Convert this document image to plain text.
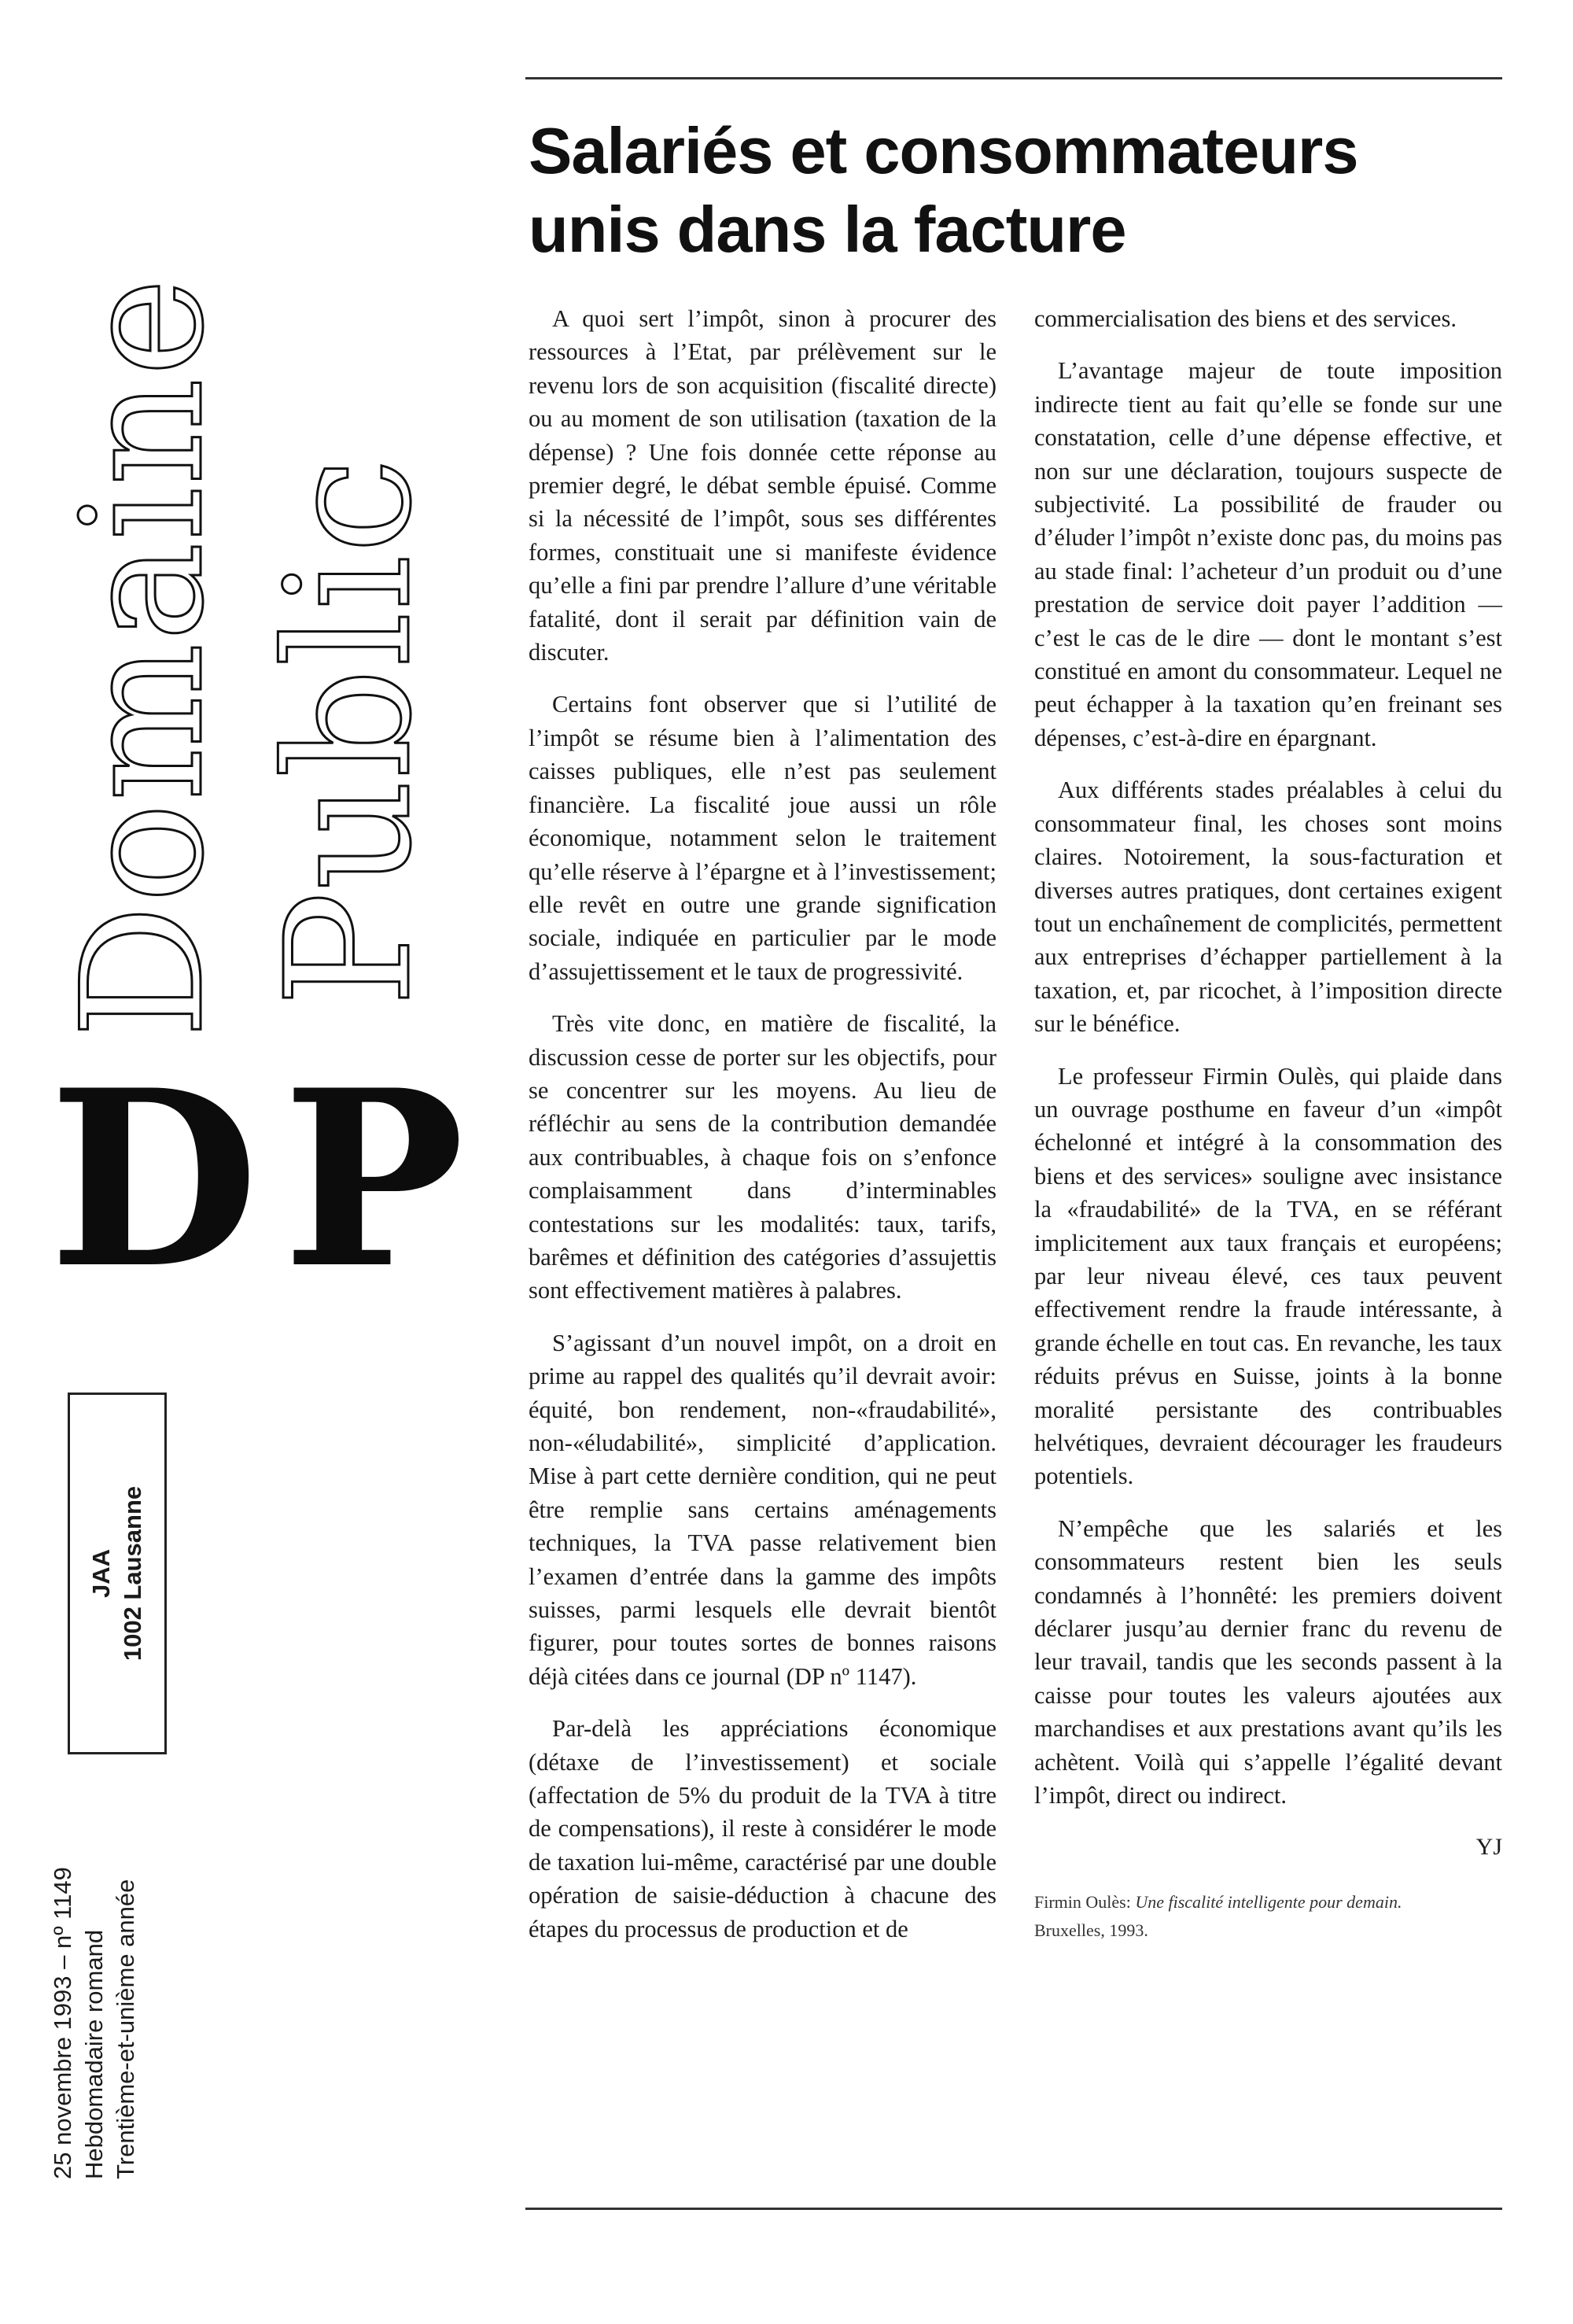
Domaine Public
DP
JAA 1002 Lausanne
25 novembre 1993 – nº 1149 Hebdomadaire romand Trentième-et-unième année
Salariés et consommateurs
unis dans la facture

A quoi sert l’impôt, sinon à procurer des ressources à l’Etat, par prélèvement sur le revenu lors de son acquisition (fiscalité directe) ou au moment de son utilisation (taxation de la dépense) ? Une fois donnée cette réponse au premier degré, le débat semble épuisé. Comme si la nécessité de l’impôt, sous ses différentes formes, constituait une si manifeste évidence qu’elle a fini par prendre l’allure d’une véritable fatalité, dont il serait par définition vain de discuter.

Certains font observer que si l’utilité de l’impôt se résume bien à l’alimentation des caisses publiques, elle n’est pas seulement financière. La fiscalité joue aussi un rôle économique, notamment selon le traitement qu’elle réserve à l’épargne et à l’investissement; elle revêt en outre une grande signification sociale, indiquée en particulier par le mode d’assujettissement et le taux de progressivité.

Très vite donc, en matière de fiscalité, la discussion cesse de porter sur les objectifs, pour se concentrer sur les moyens. Au lieu de réfléchir au sens de la contribution demandée aux contribuables, à chaque fois on s’enfonce complaisamment dans d’interminables contestations sur les modalités: taux, tarifs, barêmes et définition des catégories d’assujettis sont effectivement matières à palabres.

S’agissant d’un nouvel impôt, on a droit en prime au rappel des qualités qu’il devrait avoir: équité, bon rendement, non-«fraudabilité», non-«éludabilité», simplicité d’application. Mise à part cette dernière condition, qui ne peut être remplie sans certains aménagements techniques, la TVA passe relativement bien l’examen d’entrée dans la gamme des impôts suisses, parmi lesquels elle devrait bientôt figurer, pour toutes sortes de bonnes raisons déjà citées dans ce journal (DP nº 1147).

Par-delà les appréciations économique (détaxe de l’investissement) et sociale (affectation de 5% du produit de la TVA à titre de compensations), il reste à considérer le mode de taxation lui-même, caractérisé par une double opération de saisie-déduction à chacune des étapes du processus de production et de

commercialisation des biens et des services.

L’avantage majeur de toute imposition indirecte tient au fait qu’elle se fonde sur une constatation, celle d’une dépense effective, et non sur une déclaration, toujours suspecte de subjectivité. La possibilité de frauder ou d’éluder l’impôt n’existe donc pas, du moins pas au stade final: l’acheteur d’un produit ou d’une prestation de service doit payer l’addition — c’est le cas de le dire — dont le montant s’est constitué en amont du consommateur. Lequel ne peut échapper à la taxation qu’en freinant ses dépenses, c’est-à-dire en épargnant.

Aux différents stades préalables à celui du consommateur final, les choses sont moins claires. Notoirement, la sous-facturation et diverses autres pratiques, dont certaines exigent tout un enchaînement de complicités, permettent aux entreprises d’échapper partiellement à la taxation, et, par ricochet, à l’imposition directe sur le bénéfice.

Le professeur Firmin Oulès, qui plaide dans un ouvrage posthume en faveur d’un «impôt échelonné et intégré à la consommation des biens et des services» souligne avec insistance la «fraudabilité» de la TVA, en se référant implicitement aux taux français et européens; par leur niveau élevé, ces taux peuvent effectivement rendre la fraude intéressante, à grande échelle en tout cas. En revanche, les taux réduits prévus en Suisse, joints à la bonne moralité persistante des contribuables helvétiques, devraient décourager les fraudeurs potentiels.

N’empêche que les salariés et les consommateurs restent bien les seuls condamnés à l’honnêté: les premiers doivent déclarer jusqu’au dernier franc du revenu de leur travail, tandis que les seconds passent à la caisse pour toutes les valeurs ajoutées aux marchandises et aux prestations avant qu’ils les achètent. Voilà qui s’appelle l’égalité devant l’impôt, direct ou indirect.

YJ
Firmin Oulès: Une fiscalité intelligente pour demain.
Bruxelles, 1993.
